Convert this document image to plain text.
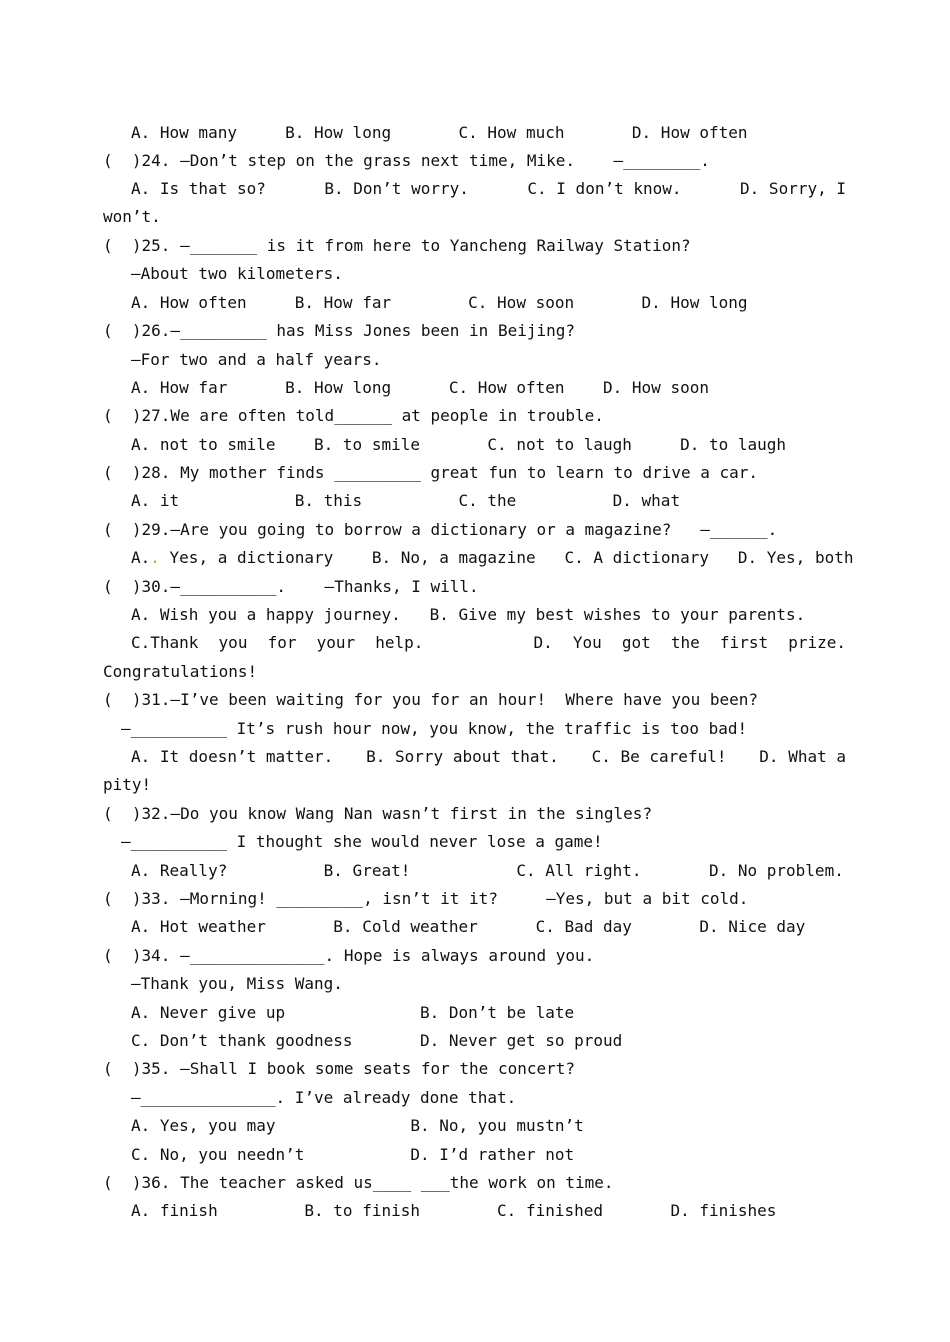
A. How many     B. How long       C. How much       D. How often
(  )24. —Don’t step on the grass next time, Mike.    —________.
A. Is that so?	B. Don’t worry.	C. I don’t know.	D. Sorry, I
won’t.
(  )25. —_______ is it from here to Yancheng Railway Station?
—About two kilometers.
A. How often     B. How far        C. How soon       D. How long
(  )26.—_________ has Miss Jones been in Beijing?
—For two and a half years.
A. How far      B. How long      C. How often    D. How soon
(  )27.We are often told______ at people in trouble.
A. not to smile    B. to smile       C. not to laugh     D. to laugh
(  )28. My mother finds _________ great fun to learn to drive a car.
A. it            B. this          C. the          D. what
(  )29.—Are you going to borrow a dictionary or a magazine?   —______.
A.. Yes, a dictionary    B. No, a magazine   C. A dictionary   D. Yes, both
(  )30.—__________.    —Thanks, I will.
A. Wish you a happy journey.   B. Give my best wishes to your parents.
C.Thank you for your help.	D. You got the first prize.
Congratulations!
(  )31.—I’ve been waiting for you for an hour!  Where have you been?
—__________ It’s rush hour now, you know, the traffic is too bad!
A. It doesn’t matter. B. Sorry about that. C. Be careful! D. What a
pity!
(  )32.—Do you know Wang Nan wasn’t first in the singles?
—__________ I thought she would never lose a game!
A. Really?          B. Great!           C. All right.       D. No problem.
(  )33. —Morning! _________, isn’t it it?     —Yes, but a bit cold.
A. Hot weather       B. Cold weather      C. Bad day       D. Nice day
(  )34. —______________. Hope is always around you.
—Thank you, Miss Wang.
A. Never give up              B. Don’t be late
C. Don’t thank goodness       D. Never get so proud
(  )35. —Shall I book some seats for the concert?
—______________. I’ve already done that.
A. Yes, you may              B. No, you mustn’t
C. No, you needn’t           D. I’d rather not
(  )36. The teacher asked us____ ___the work on time.
A. finish         B. to finish        C. finished       D. finishes
